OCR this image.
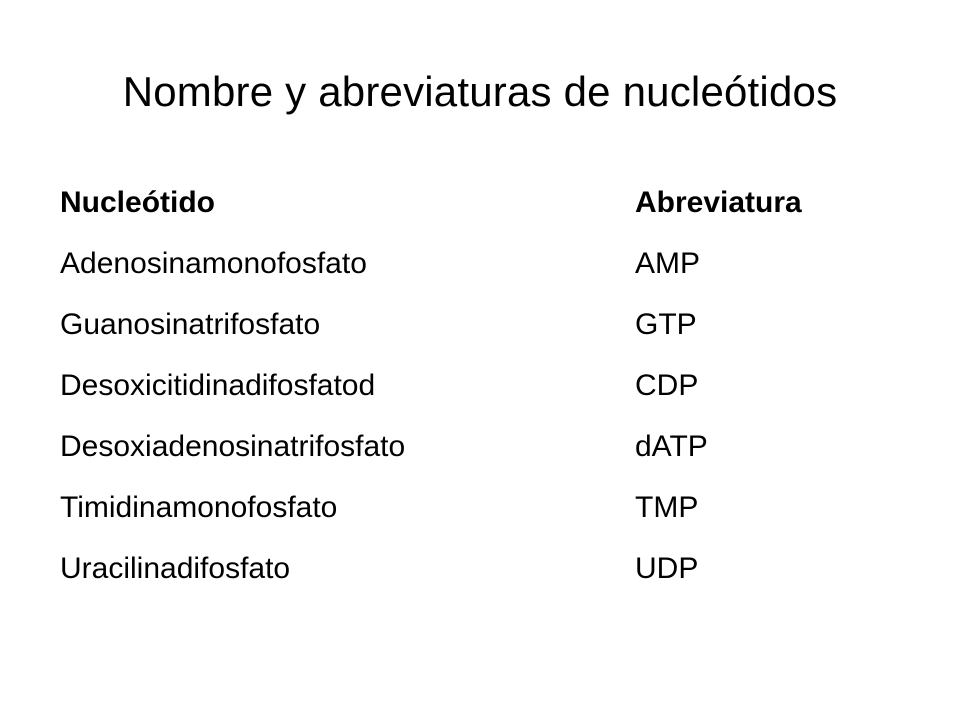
Nombre y abreviaturas de nucleótidos
Nucleótido	Abreviatura
Adenosinamonofosfato	AMP
Guanosinatrifosfato	GTP
Desoxicitidinadifosfatod	CDP
Desoxiadenosinatrifosfato	dATP
Timidinamonofosfato	TMP
Uracilinadifosfato	UDP
